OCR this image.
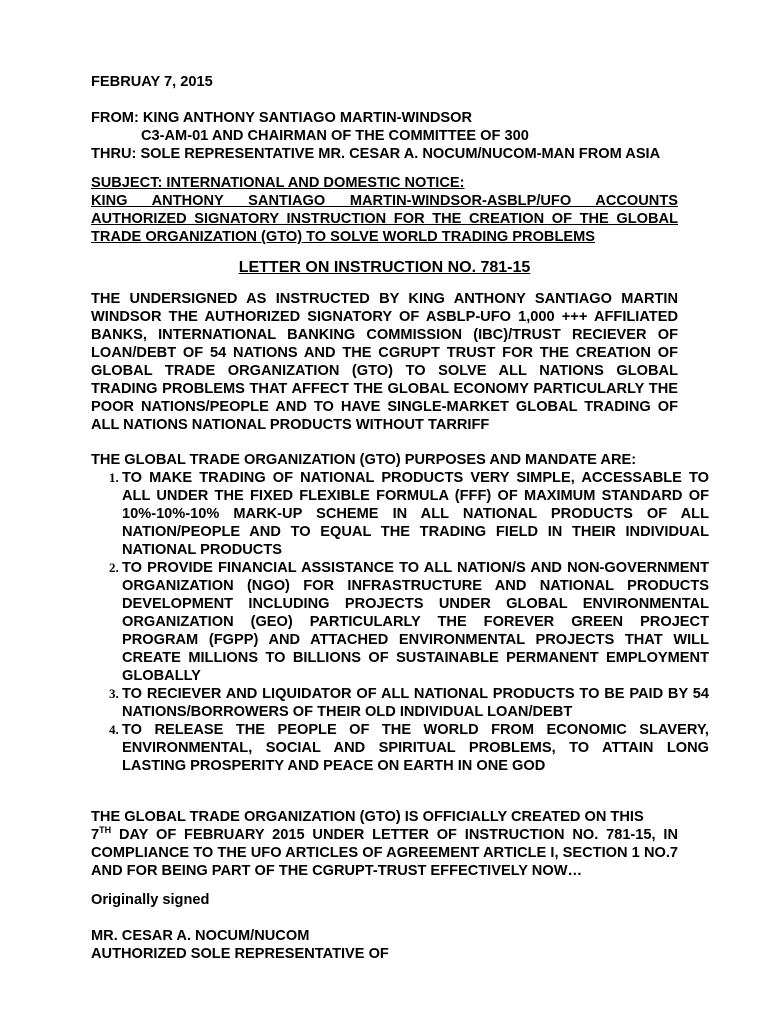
FEBRUAY 7, 2015

FROM: KING ANTHONY SANTIAGO MARTIN-WINDSOR
C3-AM-01 AND CHAIRMAN OF THE COMMITTEE OF 300
THRU: SOLE REPRESENTATIVE MR. CESAR A. NOCUM/NUCOM-MAN FROM ASIA
SUBJECT: INTERNATIONAL AND DOMESTIC NOTICE:
KING ANTHONY SANTIAGO MARTIN-WINDSOR-ASBLP/UFO ACCOUNTS AUTHORIZED SIGNATORY INSTRUCTION FOR THE CREATION OF THE GLOBAL TRADE ORGANIZATION (GTO) TO SOLVE WORLD TRADING PROBLEMS
LETTER ON INSTRUCTION NO. 781-15

THE UNDERSIGNED AS INSTRUCTED BY KING ANTHONY SANTIAGO MARTIN WINDSOR THE AUTHORIZED SIGNATORY OF ASBLP-UFO 1,000 +++ AFFILIATED BANKS, INTERNATIONAL BANKING COMMISSION (IBC)/TRUST RECIEVER OF LOAN/DEBT OF 54 NATIONS AND THE CGRUPT TRUST FOR THE CREATION OF GLOBAL TRADE ORGANIZATION (GTO) TO SOLVE ALL NATIONS GLOBAL TRADING PROBLEMS THAT AFFECT THE GLOBAL ECONOMY PARTICULARLY THE POOR NATIONS/PEOPLE AND TO HAVE SINGLE-MARKET GLOBAL TRADING OF ALL NATIONS NATIONAL PRODUCTS WITHOUT TARRIFF

THE GLOBAL TRADE ORGANIZATION (GTO) PURPOSES AND MANDATE ARE:
1. TO MAKE TRADING OF NATIONAL PRODUCTS VERY SIMPLE, ACCESSABLE TO ALL UNDER THE FIXED FLEXIBLE FORMULA (FFF) OF MAXIMUM STANDARD OF 10%-10%-10% MARK-UP SCHEME IN ALL NATIONAL PRODUCTS OF ALL NATION/PEOPLE AND TO EQUAL THE TRADING FIELD IN THEIR INDIVIDUAL NATIONAL PRODUCTS
2. TO PROVIDE FINANCIAL ASSISTANCE TO ALL NATION/S AND NON-GOVERNMENT ORGANIZATION (NGO) FOR INFRASTRUCTURE AND NATIONAL PRODUCTS DEVELOPMENT INCLUDING PROJECTS UNDER GLOBAL ENVIRONMENTAL ORGANIZATION (GEO) PARTICULARLY THE FOREVER GREEN PROJECT PROGRAM (FGPP) AND ATTACHED ENVIRONMENTAL PROJECTS THAT WILL CREATE MILLIONS TO BILLIONS OF SUSTAINABLE PERMANENT EMPLOYMENT GLOBALLY
3. TO RECIEVER AND LIQUIDATOR OF ALL NATIONAL PRODUCTS TO BE PAID BY 54 NATIONS/BORROWERS OF THEIR OLD INDIVIDUAL LOAN/DEBT
4. TO RELEASE THE PEOPLE OF THE WORLD FROM ECONOMIC SLAVERY, ENVIRONMENTAL, SOCIAL AND SPIRITUAL PROBLEMS, TO ATTAIN LONG LASTING PROSPERITY AND PEACE ON EARTH IN ONE GOD

THE GLOBAL TRADE ORGANIZATION (GTO) IS OFFICIALLY CREATED ON THIS
7TH DAY OF FEBRUARY 2015 UNDER LETTER OF INSTRUCTION NO. 781-15, IN COMPLIANCE TO THE UFO ARTICLES OF AGREEMENT ARTICLE I, SECTION 1 NO.7 AND FOR BEING PART OF THE CGRUPT-TRUST EFFECTIVELY NOW…

Originally signed

MR. CESAR A. NOCUM/NUCOM
AUTHORIZED SOLE REPRESENTATIVE OF
